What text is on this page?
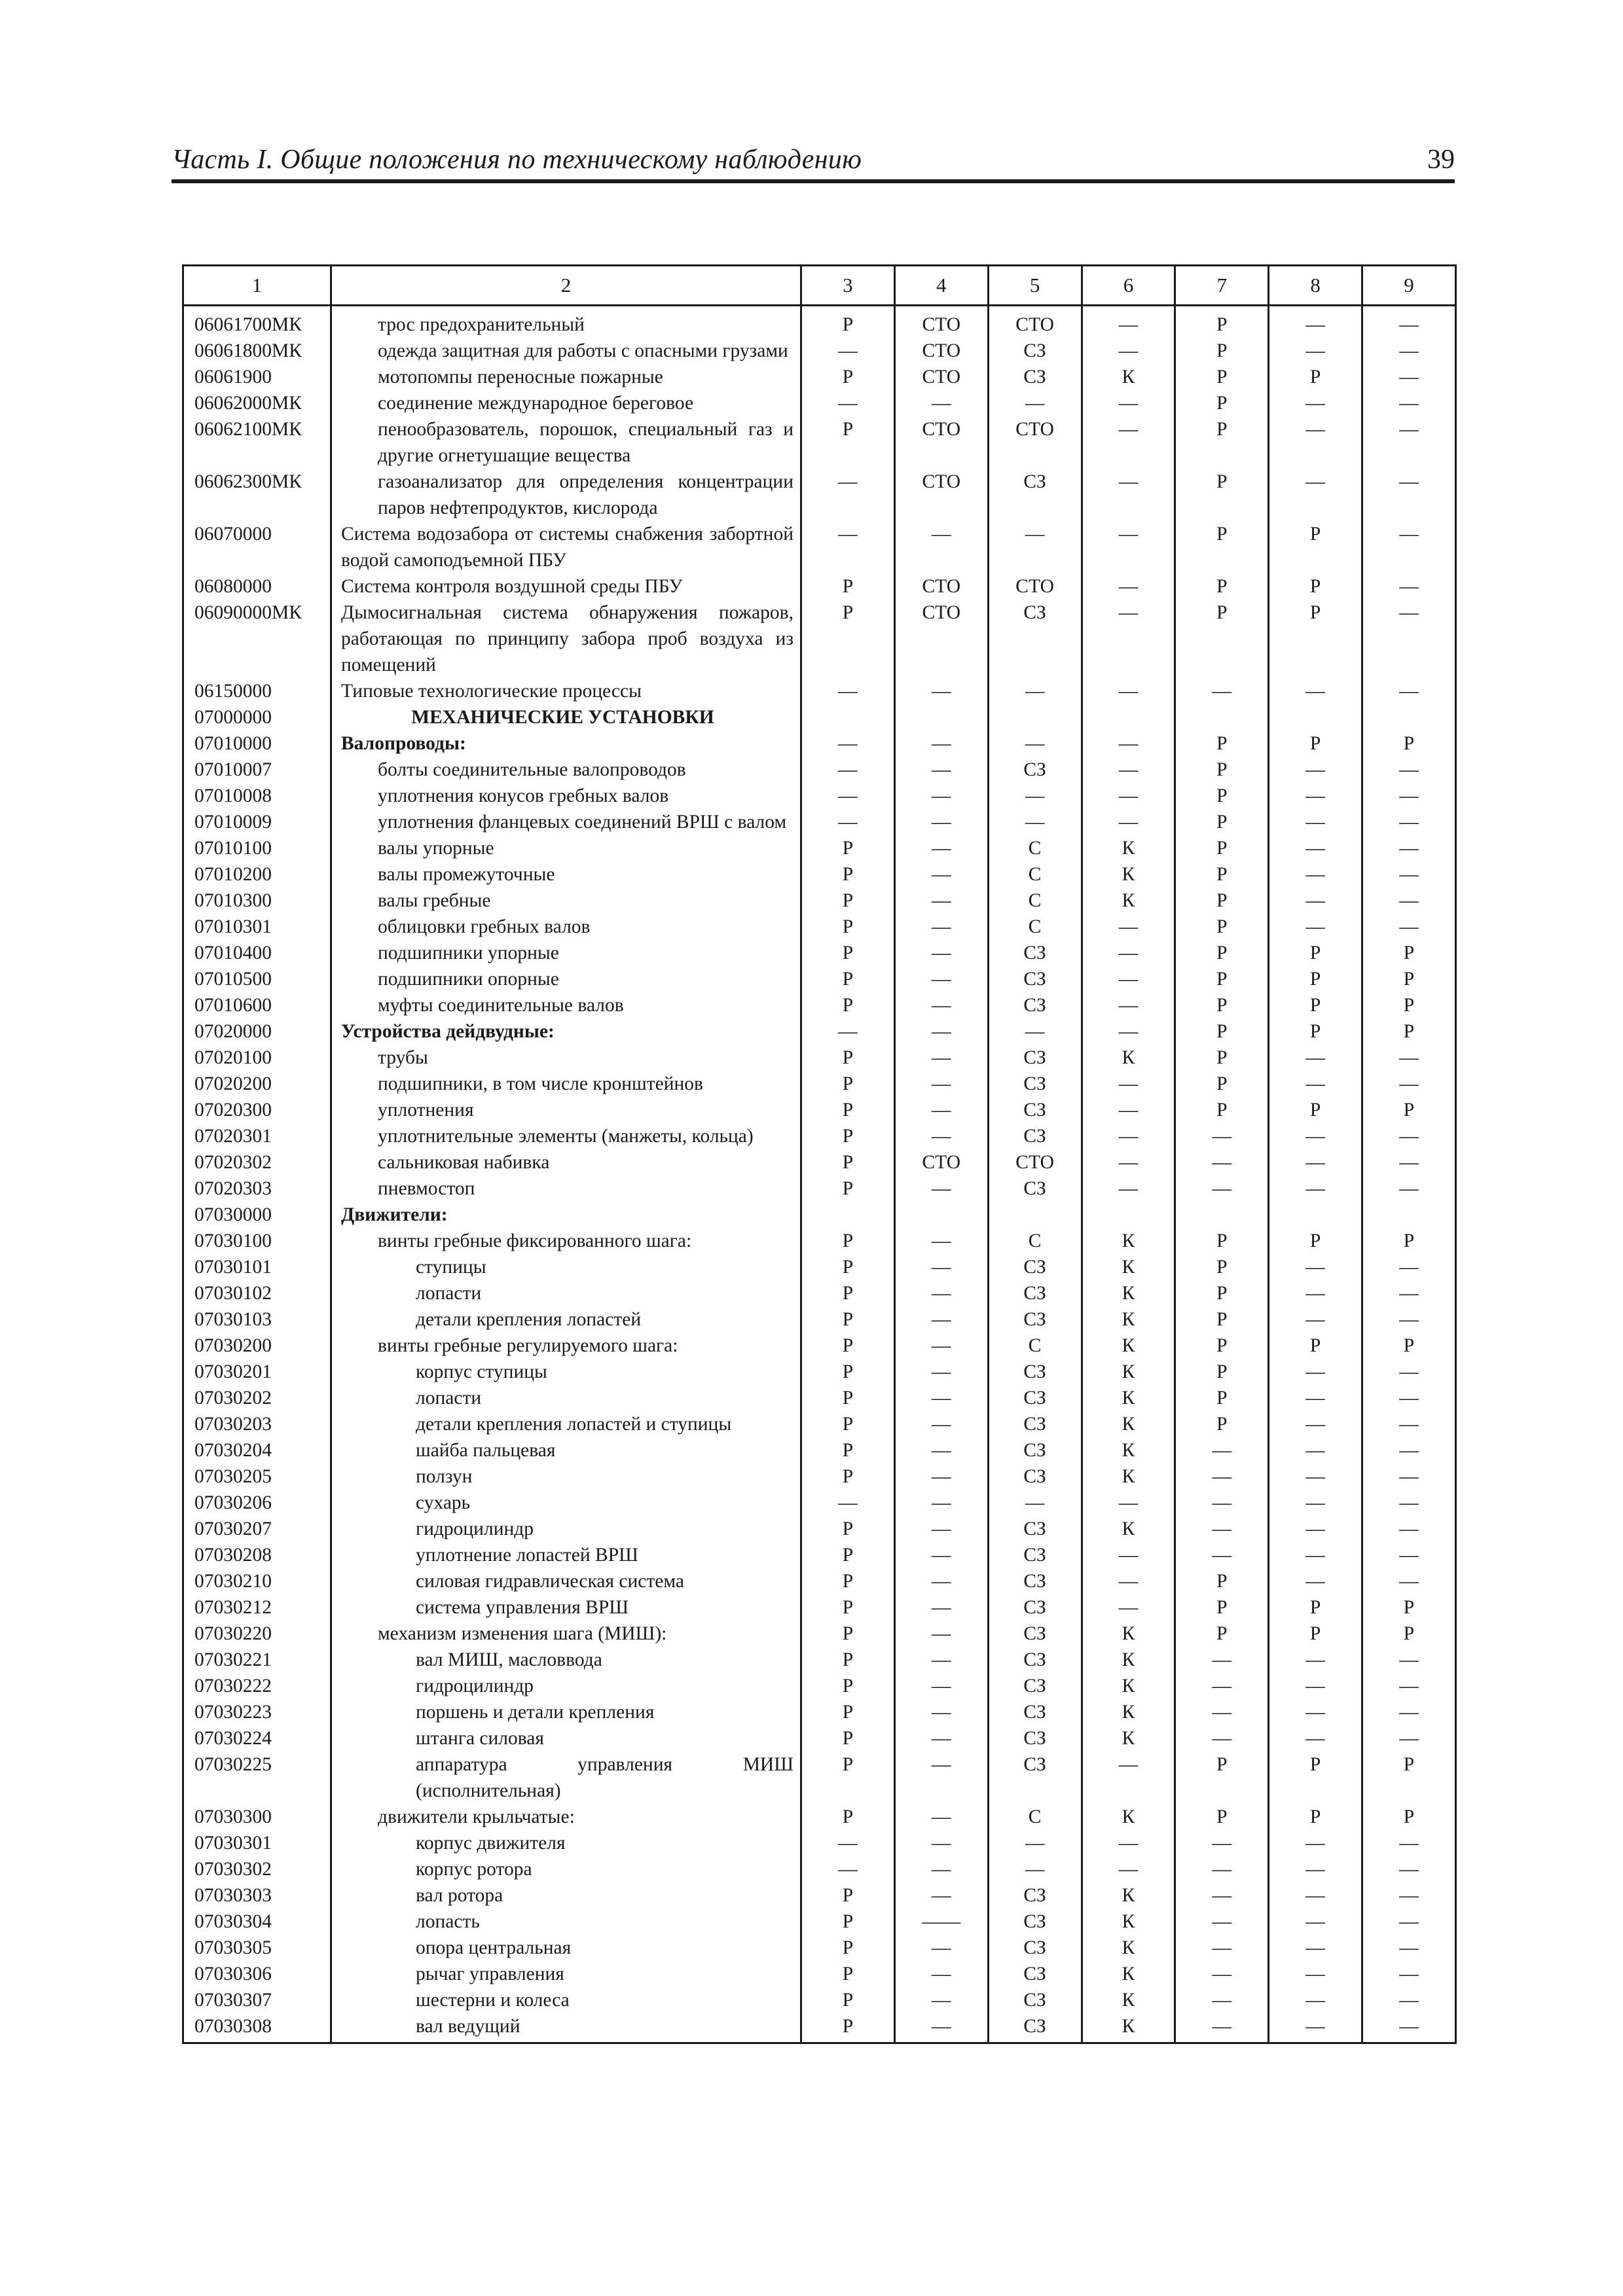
Часть I. Общие положения по техническому наблюдению	39
1	2	3	4	5	6	7	8	9
06061700МК	трос предохранительный	Р	СТО	СТО	—	Р	—	—
06061800МК	одежда защитная для работы с опасными грузами	—	СТО	СЗ	—	Р	—	—
06061900	мотопомпы переносные пожарные	Р	СТО	СЗ	К	Р	Р	—
06062000МК	соединение международное береговое	—	—	—	—	Р	—	—
06062100МК	пенообразователь, порошок, специальный газ и другие огнетушащие вещества	Р	СТО	СТО	—	Р	—	—
06062300МК	газоанализатор для определения концентрации паров нефтепродуктов, кислорода	—	СТО	СЗ	—	Р	—	—
06070000	Система водозабора от системы снабжения забортной водой самоподъемной ПБУ	—	—	—	—	Р	Р	—
06080000	Система контроля воздушной среды ПБУ	Р	СТО	СТО	—	Р	Р	—
06090000МК	Дымосигнальная система обнаружения пожаров, работающая по принципу забора проб воздуха из помещений	Р	СТО	СЗ	—	Р	Р	—
06150000	Типовые технологические процессы	—	—	—	—	—	—	—
07000000	МЕХАНИЧЕСКИЕ УСТАНОВКИ							
07010000	Валопроводы:	—	—	—	—	Р	Р	Р
07010007	болты соединительные валопроводов	—	—	СЗ	—	Р	—	—
07010008	уплотнения конусов гребных валов	—	—	—	—	Р	—	—
07010009	уплотнения фланцевых соединений ВРШ с валом	—	—	—	—	Р	—	—
07010100	валы упорные	Р	—	С	К	Р	—	—
07010200	валы промежуточные	Р	—	С	К	Р	—	—
07010300	валы гребные	Р	—	С	К	Р	—	—
07010301	облицовки гребных валов	Р	—	С	—	Р	—	—
07010400	подшипники упорные	Р	—	СЗ	—	Р	Р	Р
07010500	подшипники опорные	Р	—	СЗ	—	Р	Р	Р
07010600	муфты соединительные валов	Р	—	СЗ	—	Р	Р	Р
07020000	Устройства дейдвудные:	—	—	—	—	Р	Р	Р
07020100	трубы	Р	—	СЗ	К	Р	—	—
07020200	подшипники, в том числе кронштейнов	Р	—	СЗ	—	Р	—	—
07020300	уплотнения	Р	—	СЗ	—	Р	Р	Р
07020301	уплотнительные элементы (манжеты, кольца)	Р	—	СЗ	—	—	—	—
07020302	сальниковая набивка	Р	СТО	СТО	—	—	—	—
07020303	пневмостоп	Р	—	СЗ	—	—	—	—
07030000	Движители:							
07030100	винты гребные фиксированного шага:	Р	—	С	К	Р	Р	Р
07030101	ступицы	Р	—	СЗ	К	Р	—	—
07030102	лопасти	Р	—	СЗ	К	Р	—	—
07030103	детали крепления лопастей	Р	—	СЗ	К	Р	—	—
07030200	винты гребные регулируемого шага:	Р	—	С	К	Р	Р	Р
07030201	корпус ступицы	Р	—	СЗ	К	Р	—	—
07030202	лопасти	Р	—	СЗ	К	Р	—	—
07030203	детали крепления лопастей и ступицы	Р	—	СЗ	К	Р	—	—
07030204	шайба пальцевая	Р	—	СЗ	К	—	—	—
07030205	ползун	Р	—	СЗ	К	—	—	—
07030206	сухарь	—	—	—	—	—	—	—
07030207	гидроцилиндр	Р	—	СЗ	К	—	—	—
07030208	уплотнение лопастей ВРШ	Р	—	СЗ	—	—	—	—
07030210	силовая гидравлическая система	Р	—	СЗ	—	Р	—	—
07030212	система управления ВРШ	Р	—	СЗ	—	Р	Р	Р
07030220	механизм изменения шага (МИШ):	Р	—	СЗ	К	Р	Р	Р
07030221	вал МИШ, масловвода	Р	—	СЗ	К	—	—	—
07030222	гидроцилиндр	Р	—	СЗ	К	—	—	—
07030223	поршень и детали крепления	Р	—	СЗ	К	—	—	—
07030224	штанга силовая	Р	—	СЗ	К	—	—	—
07030225	аппаратура управления МИШ (исполнительная)	Р	—	СЗ	—	Р	Р	Р
07030300	движители крыльчатые:	Р	—	С	К	Р	Р	Р
07030301	корпус движителя	—	—	—	—	—	—	—
07030302	корпус ротора	—	—	—	—	—	—	—
07030303	вал ротора	Р	—	СЗ	К	—	—	—
07030304	лопасть	Р	——	СЗ	К	—	—	—
07030305	опора центральная	Р	—	СЗ	К	—	—	—
07030306	рычаг управления	Р	—	СЗ	К	—	—	—
07030307	шестерни и колеса	Р	—	СЗ	К	—	—	—
07030308	вал ведущий	Р	—	СЗ	К	—	—	—
